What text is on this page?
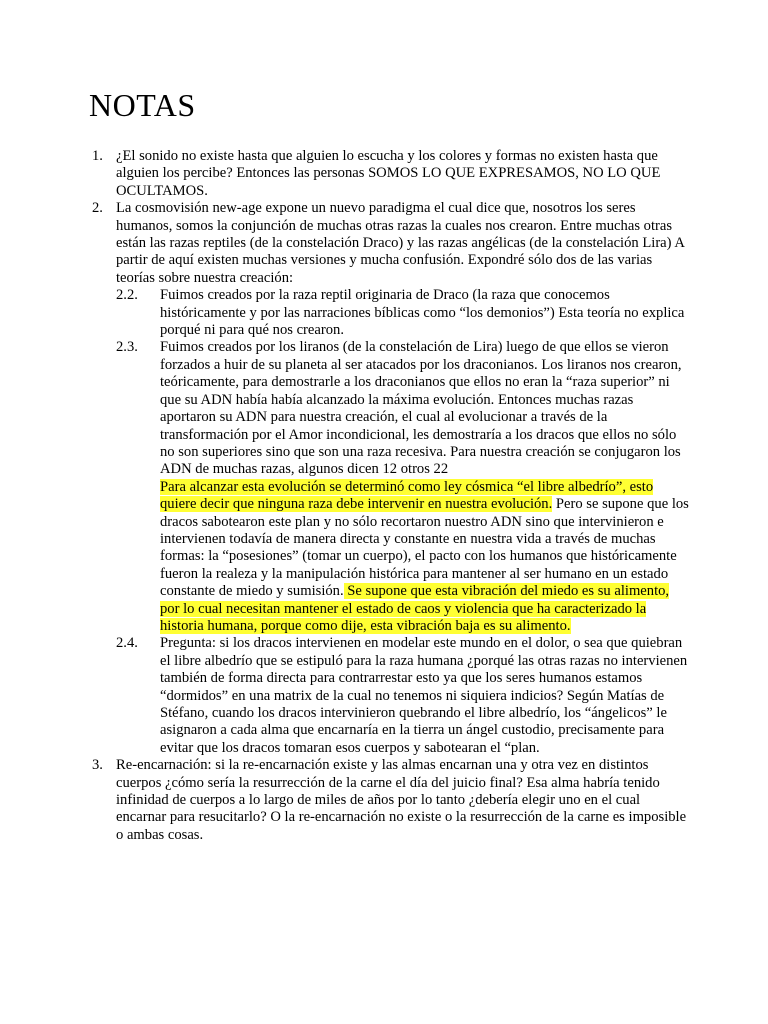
NOTAS
1. ¿El sonido no existe hasta que alguien lo escucha y los colores y formas no existen hasta que alguien los percibe? Entonces las personas SOMOS LO QUE EXPRESAMOS, NO LO QUE OCULTAMOS.
2. La cosmovisión new-age expone un nuevo paradigma el cual dice que, nosotros los seres humanos, somos la conjunción de muchas otras razas la cuales nos crearon. Entre muchas otras están las razas reptiles (de la constelación Draco) y las razas angélicas (de la constelación Lira) A partir de aquí existen muchas versiones y mucha confusión. Expondré sólo dos de las varias teorías sobre nuestra creación:
2.2. Fuimos creados por la raza reptil originaria de Draco (la raza que conocemos históricamente y por las narraciones bíblicas como “los demonios”) Esta teoría no explica porqué ni para qué nos crearon.
2.3. Fuimos creados por los liranos (de la constelación de Lira) luego de que ellos se vieron forzados a huir de su planeta al ser atacados por los draconianos. Los liranos nos crearon, teóricamente, para demostrarle a los draconianos que ellos no eran la “raza superior” ni que su ADN había había alcanzado la máxima evolución. Entonces muchas razas aportaron su ADN para nuestra creación, el cual al evolucionar a través de la transformación por el Amor incondicional, les demostraría a los dracos que ellos no sólo no son superiores sino que son una raza recesiva. Para nuestra creación se conjugaron los ADN de muchas razas, algunos dicen 12 otros 22
Para alcanzar esta evolución se determinó como ley cósmica “el libre albedrío”, esto quiere decir que ninguna raza debe intervenir en nuestra evolución. Pero se supone que los dracos sabotearon este plan y no sólo recortaron nuestro ADN sino que intervinieron e intervienen todavía de manera directa y constante en nuestra vida a través de muchas formas: la “posesiones” (tomar un cuerpo), el pacto con los humanos que históricamente fueron la realeza y la manipulación histórica para mantener al ser humano en un estado constante de miedo y sumisión. Se supone que esta vibración del miedo es su alimento, por lo cual necesitan mantener el estado de caos y violencia que ha caracterizado la historia humana, porque como dije, esta vibración baja es su alimento.
2.4. Pregunta: si los dracos intervienen en modelar este mundo en el dolor, o sea que quiebran el libre albedrío que se estipuló para la raza humana ¿porqué las otras razas no intervienen también de forma directa para contrarrestar esto ya que los seres humanos estamos “dormidos” en una matrix de la cual no tenemos ni siquiera indicios? Según Matías de Stéfano, cuando los dracos intervinieron quebrando el libre albedrío, los “ángelicos” le asignaron a cada alma que encarnaría en la tierra un ángel custodio, precisamente para evitar que los dracos tomaran esos cuerpos y sabotearan el “plan.
3. Re-encarnación: si la re-encarnación existe y las almas encarnan una y otra vez en distintos cuerpos ¿cómo sería la resurrección de la carne el día del juicio final? Esa alma habría tenido infinidad de cuerpos a lo largo de miles de años por lo tanto ¿debería elegir uno en el cual encarnar para resucitarlo? O la re-encarnación no existe o la resurrección de la carne es imposible o ambas cosas.
